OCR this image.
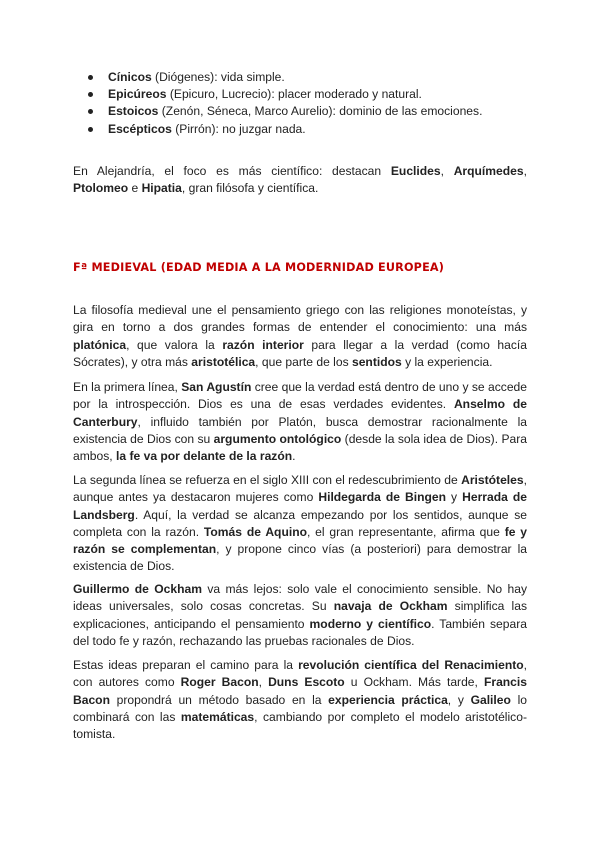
Cínicos (Diógenes): vida simple.
Epicúreos (Epicuro, Lucrecio): placer moderado y natural.
Estoicos (Zenón, Séneca, Marco Aurelio): dominio de las emociones.
Escépticos (Pirrón): no juzgar nada.

En Alejandría, el foco es más científico: destacan Euclides, Arquímedes, Ptolomeo e Hipatia, gran filósofa y científica.

Fª MEDIEVAL (EDAD MEDIA A LA MODERNIDAD EUROPEA)

La filosofía medieval une el pensamiento griego con las religiones monoteístas, y gira en torno a dos grandes formas de entender el conocimiento: una más platónica, que valora la razón interior para llegar a la verdad (como hacía Sócrates), y otra más aristotélica, que parte de los sentidos y la experiencia.

En la primera línea, San Agustín cree que la verdad está dentro de uno y se accede por la introspección. Dios es una de esas verdades evidentes. Anselmo de Canterbury, influido también por Platón, busca demostrar racionalmente la existencia de Dios con su argumento ontológico (desde la sola idea de Dios). Para ambos, la fe va por delante de la razón.

La segunda línea se refuerza en el siglo XIII con el redescubrimiento de Aristóteles, aunque antes ya destacaron mujeres como Hildegarda de Bingen y Herrada de Landsberg. Aquí, la verdad se alcanza empezando por los sentidos, aunque se completa con la razón. Tomás de Aquino, el gran representante, afirma que fe y razón se complementan, y propone cinco vías (a posteriori) para demostrar la existencia de Dios.

Guillermo de Ockham va más lejos: solo vale el conocimiento sensible. No hay ideas universales, solo cosas concretas. Su navaja de Ockham simplifica las explicaciones, anticipando el pensamiento moderno y científico. También separa del todo fe y razón, rechazando las pruebas racionales de Dios.

Estas ideas preparan el camino para la revolución científica del Renacimiento, con autores como Roger Bacon, Duns Escoto u Ockham. Más tarde, Francis Bacon propondrá un método basado en la experiencia práctica, y Galileo lo combinará con las matemáticas, cambiando por completo el modelo aristotélico-tomista.
